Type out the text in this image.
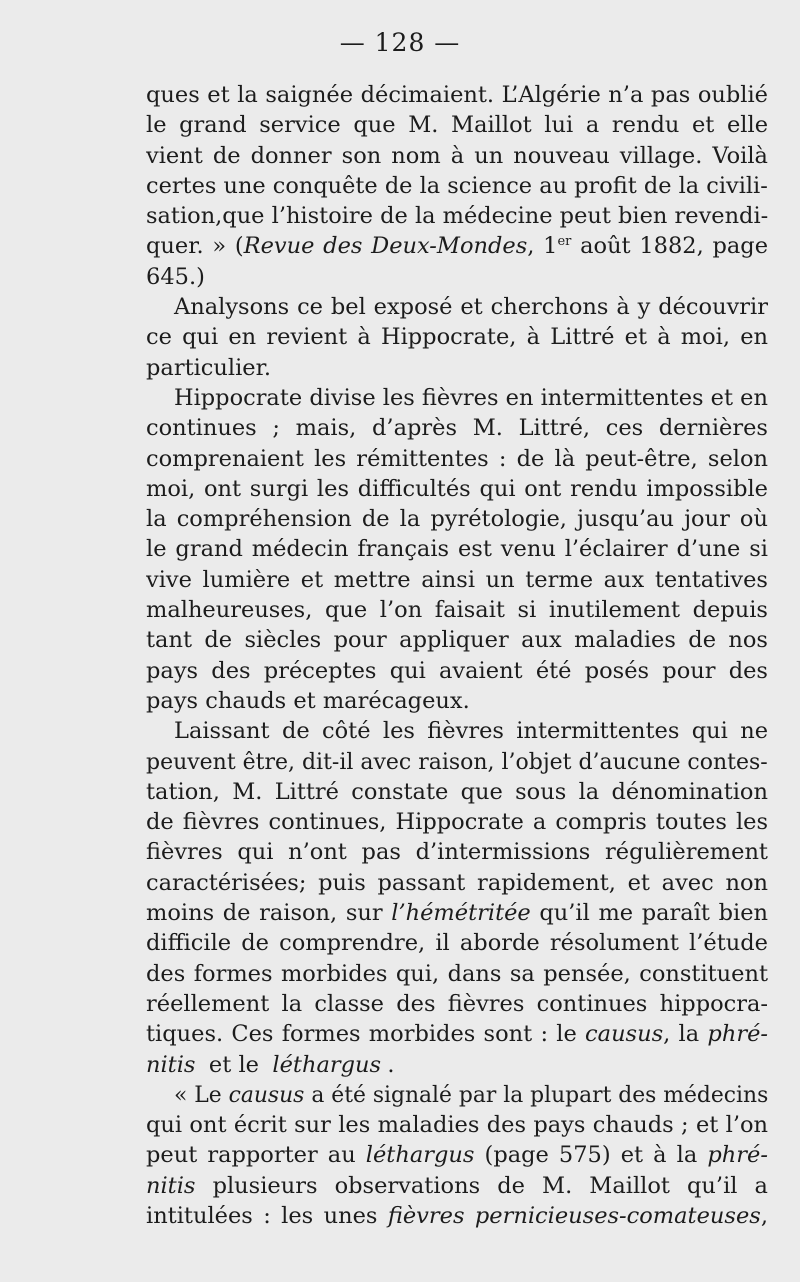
— 128 —
ques et la saignée décimaient. L’Algérie n’a pas oublié
le grand service que M. Maillot lui a rendu et elle
vient de donner son nom à un nouveau village. Voilà
certes une conquête de la science au profit de la civili-
sation,que l’histoire de la médecine peut bien revendi-
quer. » (Revue des Deux-Mondes, 1er août 1882, page
645.)
Analysons ce bel exposé et cherchons à y découvrir
ce qui en revient à Hippocrate, à Littré et à moi, en
particulier.
Hippocrate divise les fièvres en intermittentes et en
continues ; mais, d’après M. Littré, ces dernières
comprenaient les rémittentes : de là peut-être, selon
moi, ont surgi les difficultés qui ont rendu impossible
la compréhension de la pyrétologie, jusqu’au jour où
le grand médecin français est venu l’éclairer d’une si
vive lumière et mettre ainsi un terme aux tentatives
malheureuses, que l’on faisait si inutilement depuis
tant de siècles pour appliquer aux maladies de nos
pays des préceptes qui avaient été posés pour des
pays chauds et marécageux.
Laissant de côté les fièvres intermittentes qui ne
peuvent être, dit-il avec raison, l’objet d’aucune contes-
tation, M. Littré constate que sous la dénomination
de fièvres continues, Hippocrate a compris toutes les
fièvres qui n’ont pas d’intermissions régulièrement
caractérisées; puis passant rapidement, et avec non
moins de raison, sur l’hémétritée qu’il me paraît bien
difficile de comprendre, il aborde résolument l’étude
des formes morbides qui, dans sa pensée, constituent
réellement la classe des fièvres continues hippocra-
tiques. Ces formes morbides sont : le causus, la phré-
nitis et le léthargus .
« Le causus a été signalé par la plupart des médecins
qui ont écrit sur les maladies des pays chauds ; et l’on
peut rapporter au léthargus (page 575) et à la phré-
nitis plusieurs observations de M. Maillot qu’il a
intitulées : les unes fièvres pernicieuses-comateuses,
